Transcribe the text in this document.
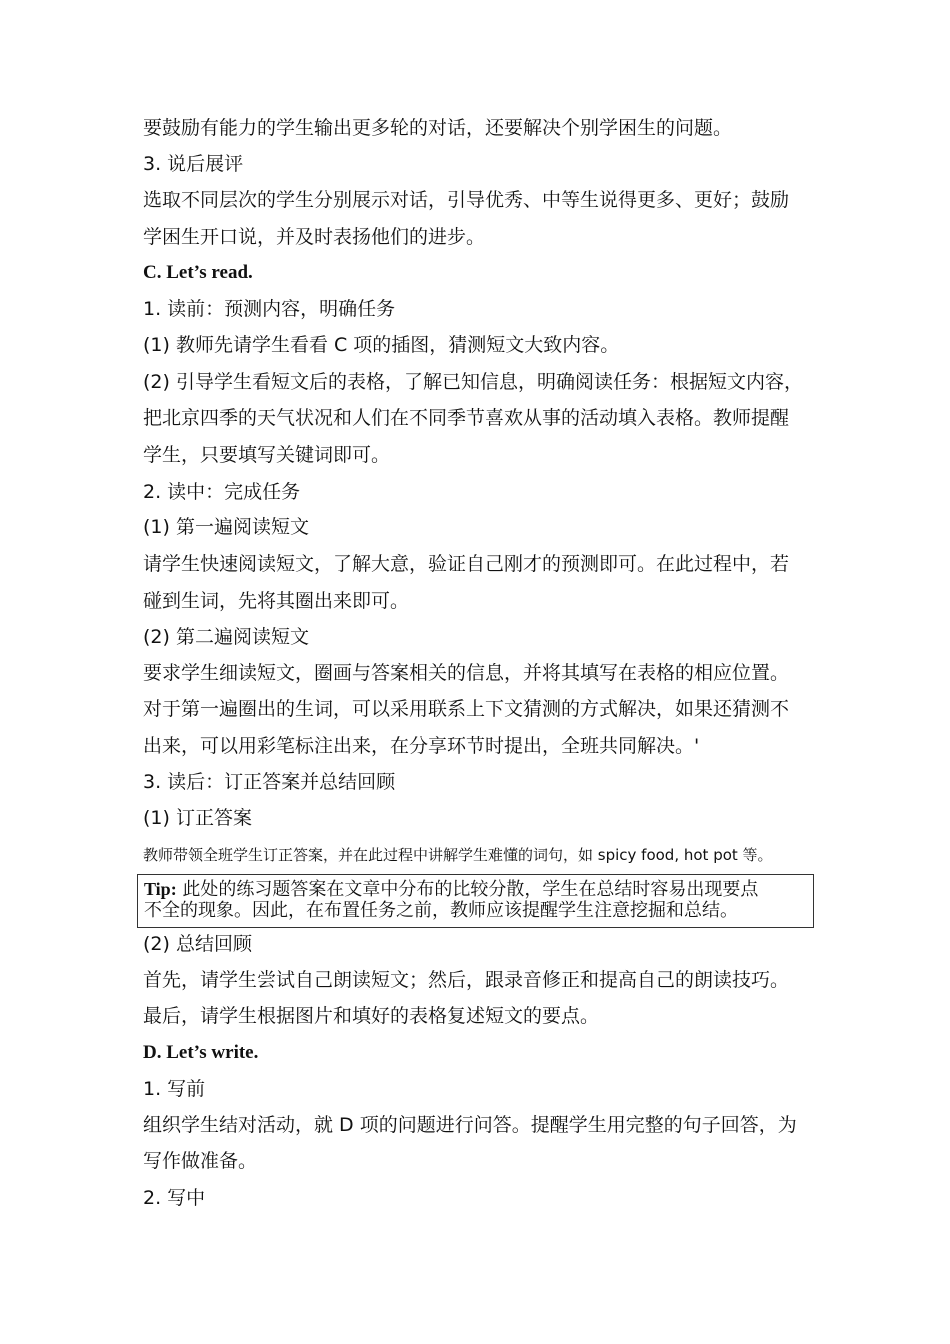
要鼓励有能力的学生输出更多轮的对话，还要解决个别学困生的问题。
3. 说后展评
选取不同层次的学生分别展示对话，引导优秀、中等生说得更多、更好；鼓励
学困生开口说，并及时表扬他们的进步。
C. Let’s read.
1. 读前：预测内容，明确任务
(1) 教师先请学生看看 C 项的插图，猜测短文大致内容。
(2) 引导学生看短文后的表格，了解已知信息，明确阅读任务：根据短文内容，
把北京四季的天气状况和人们在不同季节喜欢从事的活动填入表格。教师提醒
学生，只要填写关键词即可。
2. 读中：完成任务
(1) 第一遍阅读短文
请学生快速阅读短文，了解大意，验证自己刚才的预测即可。在此过程中，若
碰到生词，先将其圈出来即可。
(2) 第二遍阅读短文
要求学生细读短文，圈画与答案相关的信息，并将其填写在表格的相应位置。
对于第一遍圈出的生词，可以采用联系上下文猜测的方式解决，如果还猜测不
出来，可以用彩笔标注出来，在分享环节时提出，全班共同解决。'
3. 读后：订正答案并总结回顾
(1) 订正答案
教师带领全班学生订正答案，并在此过程中讲解学生难懂的词句，如 spicy food, hot pot 等。
Tip: 此处的练习题答案在文章中分布的比较分散，学生在总结时容易出现要点
不全的现象。因此，在布置任务之前，教师应该提醒学生注意挖掘和总结。
(2) 总结回顾
首先，请学生尝试自己朗读短文；然后，跟录音修正和提高自己的朗读技巧。
最后，请学生根据图片和填好的表格复述短文的要点。
D. Let’s write.
1. 写前
组织学生结对活动，就 D 项的问题进行问答。提醒学生用完整的句子回答，为
写作做准备。
2. 写中
